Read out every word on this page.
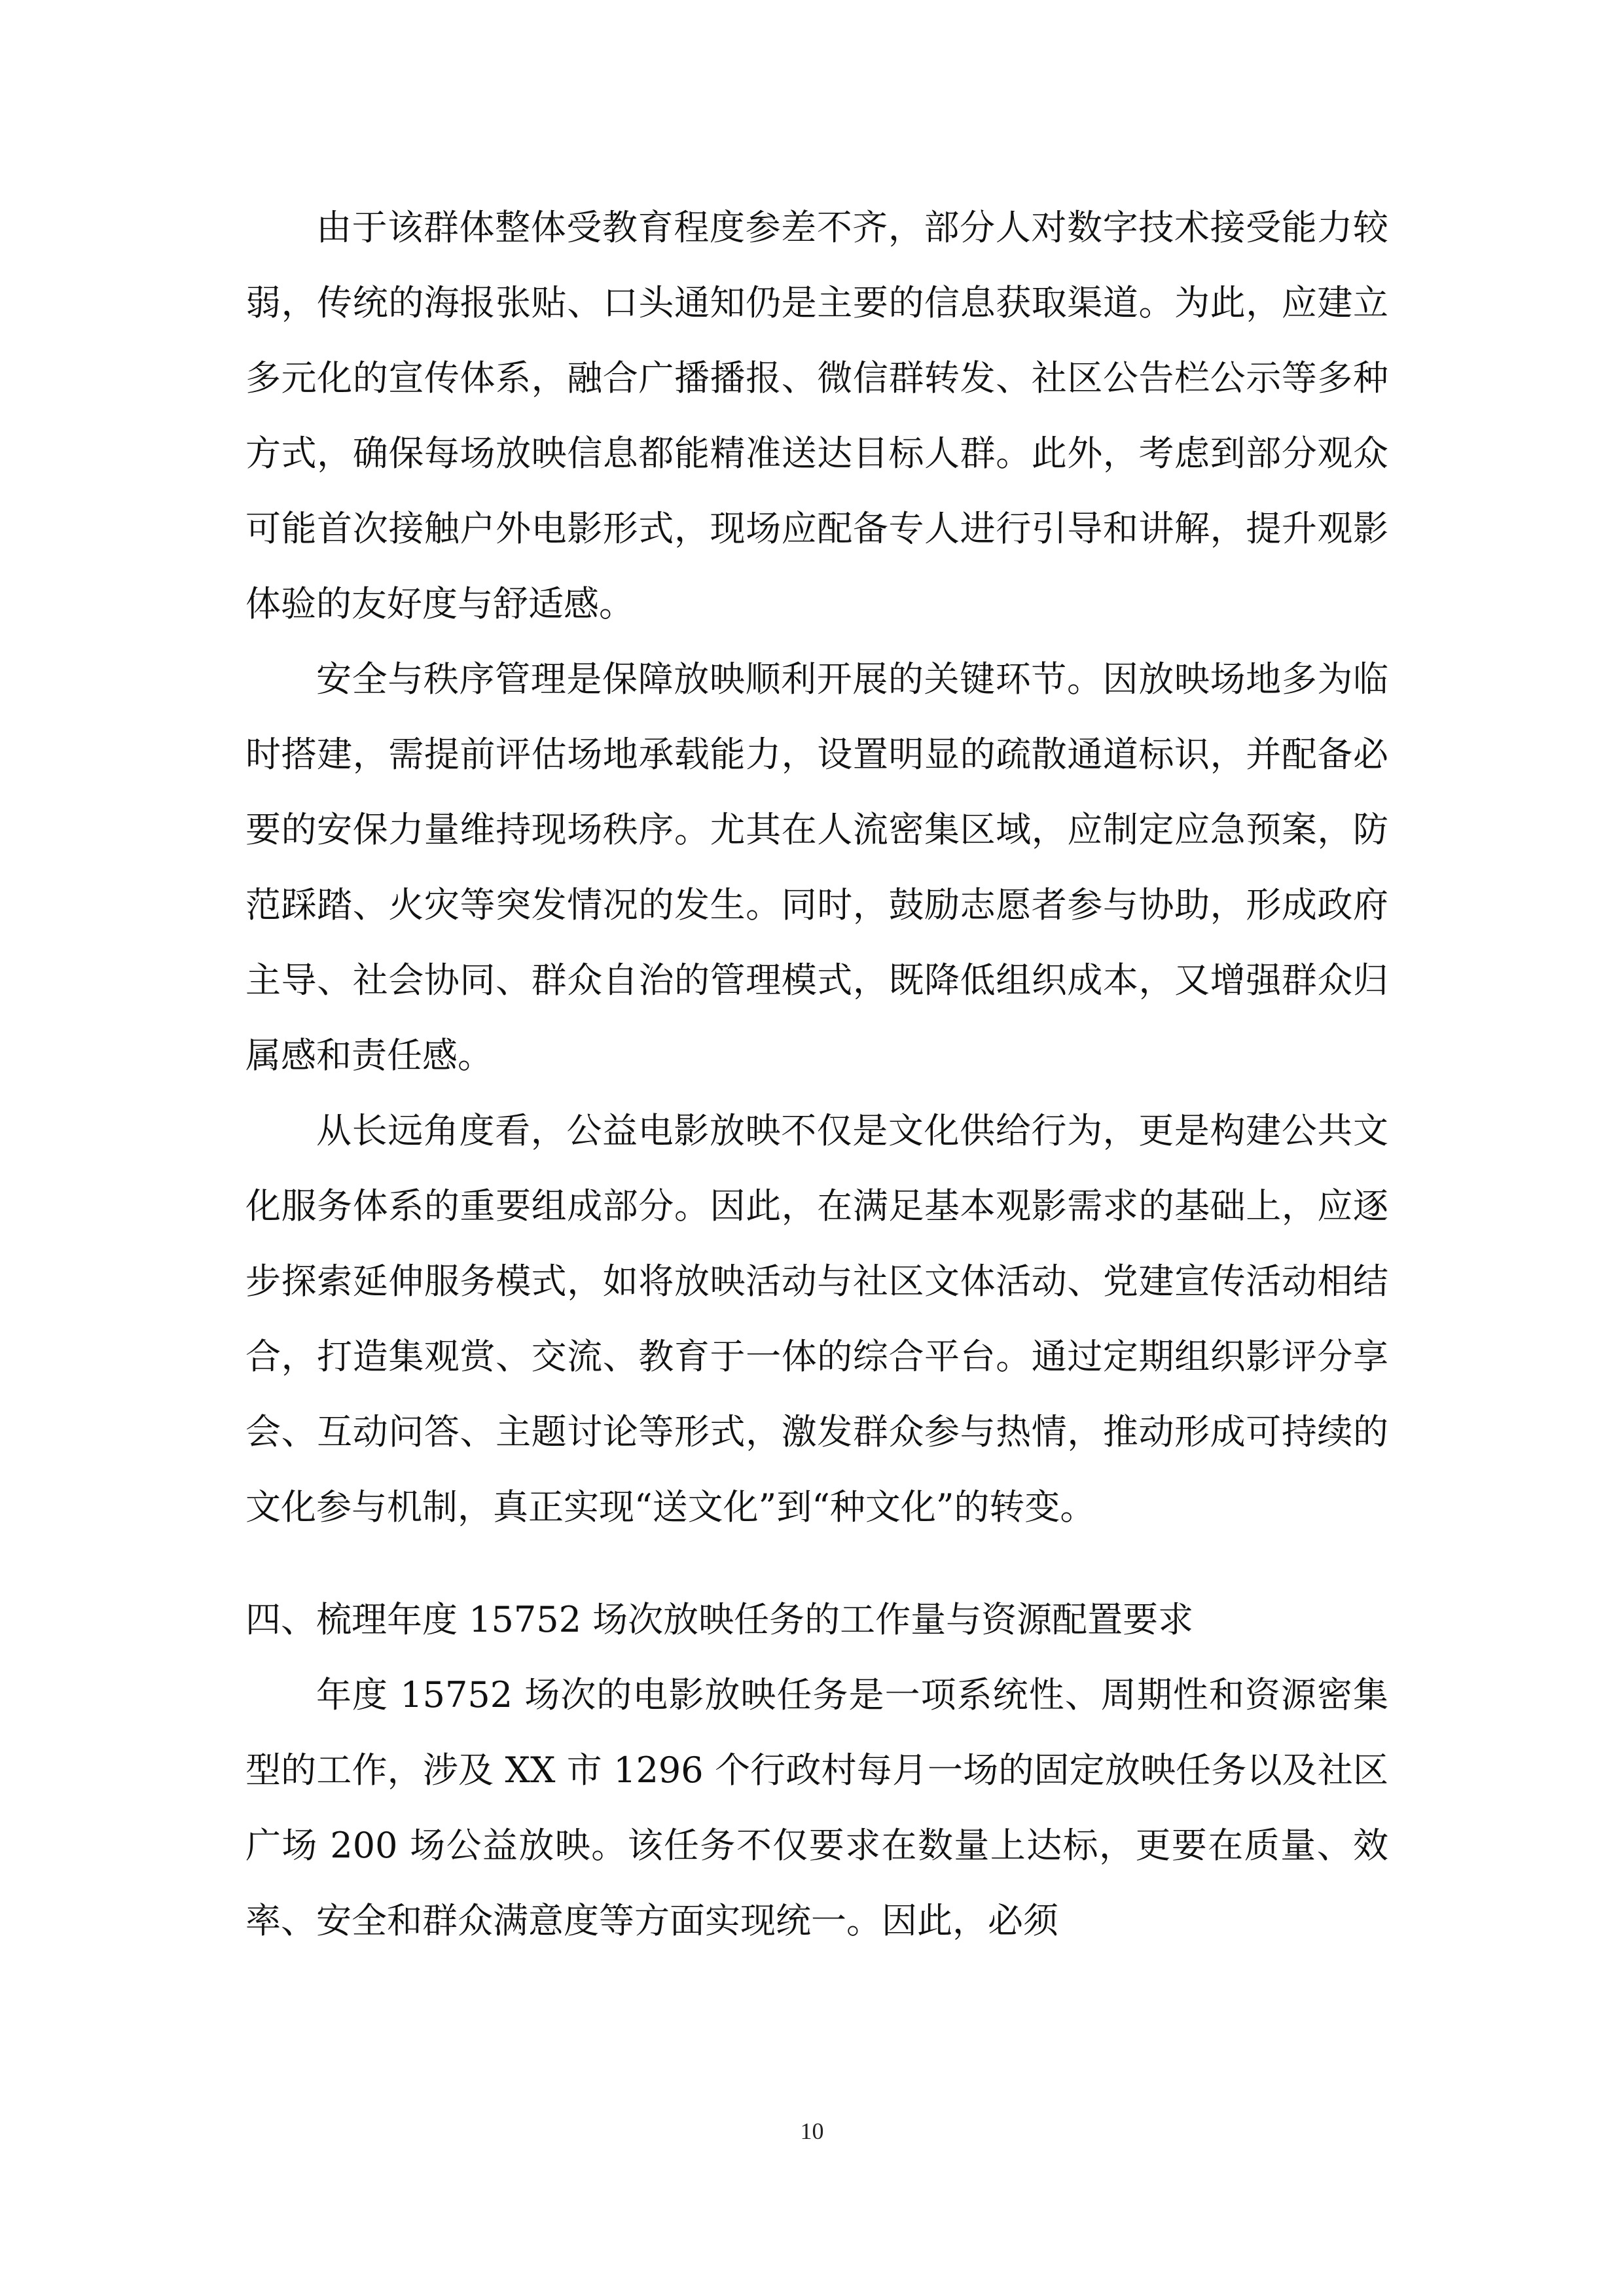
由于该群体整体受教育程度参差不齐，部分人对数字技术接受能力较弱，传统的海报张贴、口头通知仍是主要的信息获取渠道。为此，应建立多元化的宣传体系，融合广播播报、微信群转发、社区公告栏公示等多种方式，确保每场放映信息都能精准送达目标人群。此外，考虑到部分观众可能首次接触户外电影形式，现场应配备专人进行引导和讲解，提升观影体验的友好度与舒适感。

安全与秩序管理是保障放映顺利开展的关键环节。因放映场地多为临时搭建，需提前评估场地承载能力，设置明显的疏散通道标识，并配备必要的安保力量维持现场秩序。尤其在人流密集区域，应制定应急预案，防范踩踏、火灾等突发情况的发生。同时，鼓励志愿者参与协助，形成政府主导、社会协同、群众自治的管理模式，既降低组织成本，又增强群众归属感和责任感。

从长远角度看，公益电影放映不仅是文化供给行为，更是构建公共文化服务体系的重要组成部分。因此，在满足基本观影需求的基础上，应逐步探索延伸服务模式，如将放映活动与社区文体活动、党建宣传活动相结合，打造集观赏、交流、教育于一体的综合平台。通过定期组织影评分享会、互动问答、主题讨论等形式，激发群众参与热情，推动形成可持续的文化参与机制，真正实现“送文化”到“种文化”的转变。

四、梳理年度 15752 场次放映任务的工作量与资源配置要求

年度 15752 场次的电影放映任务是一项系统性、周期性和资源密集型的工作，涉及 XX 市 1296 个行政村每月一场的固定放映任务以及社区广场 200 场公益放映。该任务不仅要求在数量上达标，更要在质量、效率、安全和群众满意度等方面实现统一。因此，必须

10
